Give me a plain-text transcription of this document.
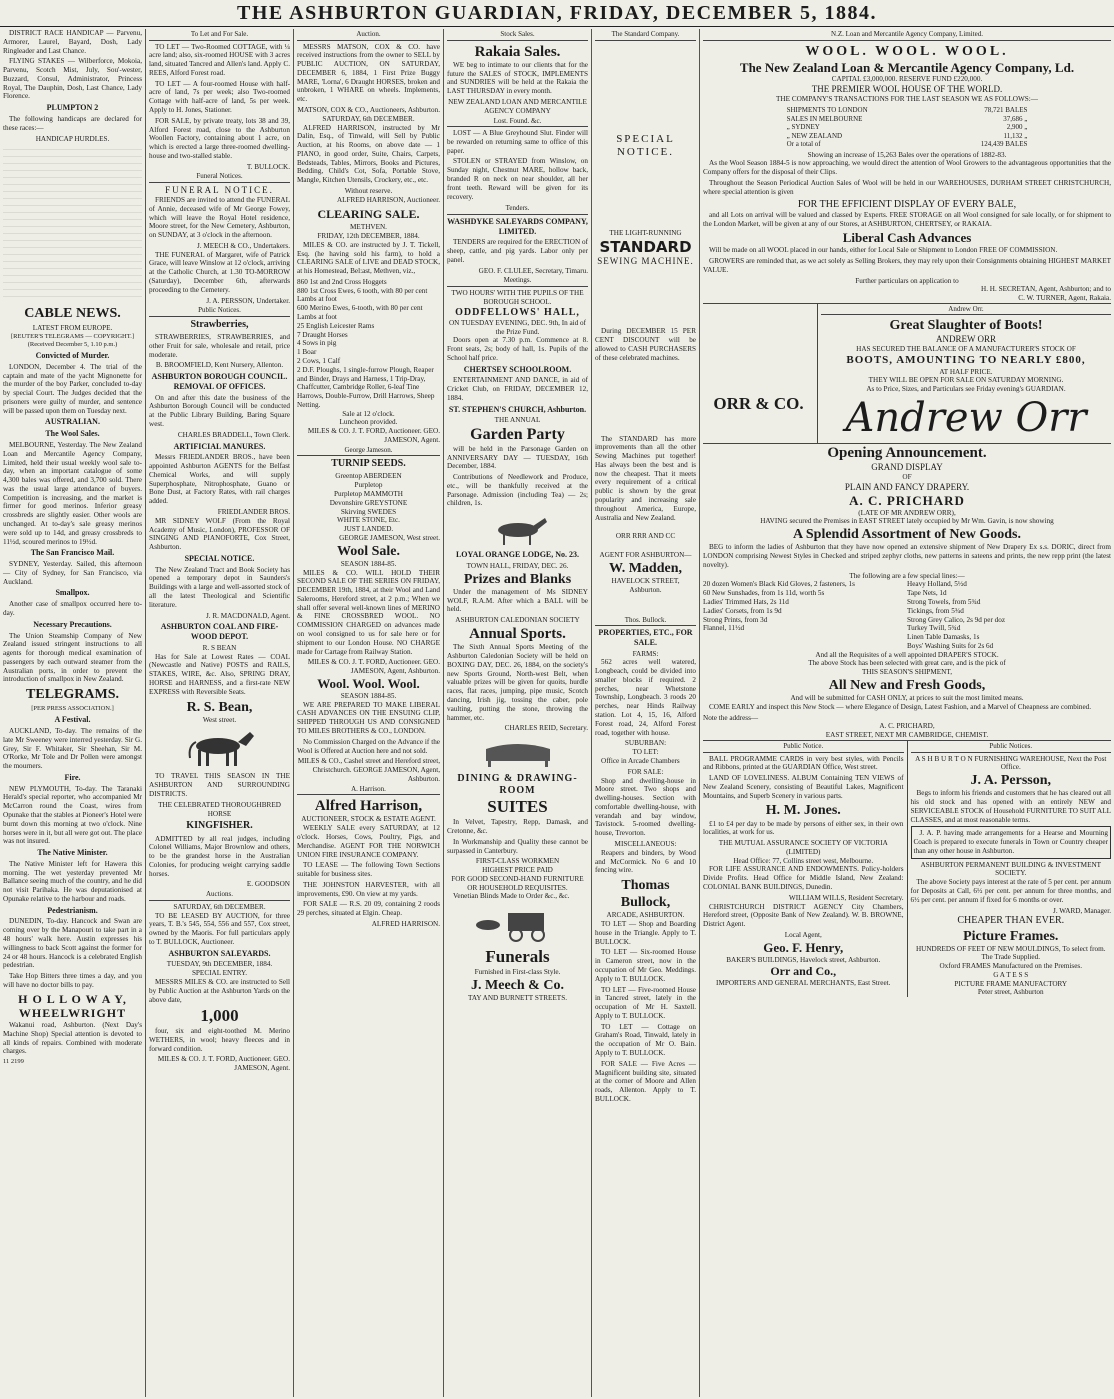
THE ASHBURTON GUARDIAN, FRIDAY, DECEMBER 5, 1884.

DISTRICT RACE HANDICAP — Parvenu, Armorer, Laurel, Bayard, Dosh, Lady Ringleader and Last Chance.

FLYING STAKES — Wilberforce, Mokoia, Parvenu, Scotch Mist, July, Sou'-wester, Buzzard, Consul, Administrator, Princess Royal, The Dauphin, Dosh, Last Chance, Lady Florence.

PLUMPTON 2

The following handicaps are declared for these races:—

HANDICAP HURDLES.
CABLE NEWS.
LATEST FROM EUROPE.
[REUTER'S TELEGRAMS — COPYRIGHT.] (Received December 5, 1.10 p.m.)
Convicted of Murder.

LONDON, December 4. The trial of the captain and mate of the yacht Mignonette for the murder of the boy Parker, concluded to-day by special Court. The Judges decided that the prisoners were guilty of murder, and sentence will be passed upon them on Tuesday next.

AUSTRALIAN.
The Wool Sales.

MELBOURNE, Yesterday. The New Zealand Loan and Mercantile Agency Company, Limited, held their usual weekly wool sale to-day, when an important catalogue of some 4,300 bales was offered, and 3,700 sold. There was the usual large attendance of buyers. Competition is increasing, and the market is firmer for good merinos. Inferior greasy crossbreds are slightly easier. Other wools are unchanged. At to-day's sale greasy merinos were sold up to 14d, and greasy crossbreds to 11½d, scoured merinos to 19½d.

The San Francisco Mail.

SYDNEY, Yesterday. Sailed, this afternoon — City of Sydney, for San Francisco, via Auckland.

Smallpox.

Another case of smallpox occurred here to-day.

Necessary Precautions.

The Union Steamship Company of New Zealand issued stringent instructions to all agents for thorough medical examination of passengers by each outward steamer from the Australian ports, in order to prevent the introduction of smallpox in New Zealand.

TELEGRAMS.
[PER PRESS ASSOCIATION.]
A Festival.

AUCKLAND, To-day. The remains of the late Mr Sweeney were interred yesterday. Sir G. Grey, Sir F. Whitaker, Sir Sheehan, Sir M. O'Rorke, Mr Tole and Dr Pollen were amongst the mourners.

Fire.

NEW PLYMOUTH, To-day. The Taranaki Herald's special reporter, who accompanied Mr McCarron round the Coast, wires from Opunake that the stables at Pioneer's Hotel were burnt down this morning at two o'clock. Nine horses were in it, but all were got out. The place was not insured.

The Native Minister.

The Native Minister left for Hawera this morning. The wet yesterday prevented Mr Ballance seeing much of the country, and he did not visit Parihaka. He was deputationised at Opunake relative to the harbour and roads.

Pedestrianism.

DUNEDIN, To-day. Hancock and Swan are coming over by the Manapouri to take part in a 48 hours' walk here. Austin expresses his willingness to back Scott against the former for 24 or 48 hours. Hancock is a celebrated English pedestrian.

Take Hop Bitters three times a day, and you will have no doctor bills to pay.

H O L L O W A Y, WHEELWRIGHT

Wakanui road, Ashburton. (Next Day's Machine Shop) Special attention is devoted to all kinds of repairs. Combined with moderate charges.

11 2199
To Let and For Sale.

TO LET — Two-Roomed COTTAGE, with ¼ acre land; also, six-roomed HOUSE with 3 acres land, situated Tancred and Allen's land. Apply C. REES, Alford Forest road.

TO LET — A four-roomed House with half-acre of land, 7s per week; also Two-roomed Cottage with half-acre of land, 5s per week. Apply to H. Jones, Stationer.

FOR SALE, by private treaty, lots 38 and 39, Alford Forest road, close to the Ashburton Woollen Factory, containing about 1 acre, on which is erected a large three-roomed dwelling-house and two-stalled stable.

T. BULLOCK.
Funeral Notices.
FUNERAL NOTICE.

FRIENDS are invited to attend the FUNERAL of Annie, deceased wife of Mr George Fowey, which will leave the Royal Hotel residence, Moore street, for the New Cemetery, Ashburton, on SUNDAY, at 3 o'clock in the afternoon.

J. MEECH & CO., Undertakers.

THE FUNERAL of Margaret, wife of Patrick Grace, will leave Winslow at 12 o'clock, arriving at the Catholic Church, at 1.30 TO-MORROW (Saturday), December 6th, afterwards proceeding to the Cemetery.

J. A. PERSSON, Undertaker.
Public Notices.
Strawberries,

STRAWBERRIES, STRAWBERRIES, and other Fruit for sale, wholesale and retail, price moderate.

B. BROOMFIELD, Kent Nursery, Allenton.
ASHBURTON BOROUGH COUNCIL. REMOVAL OF OFFICES.

On and after this date the business of the Ashburton Borough Council will be conducted at the Public Library Building, Baring Square west.

CHARLES BRADDELL, Town Clerk.
ARTIFICIAL MANURES.

Messrs FRIEDLANDER BROS., have been appointed Ashburton AGENTS for the Belfast Chemical Works, and will supply Superphosphate, Nitrophosphate, Guano or Bone Dust, at Factory Rates, with rail charges added.

FRIEDLANDER BROS.

MR SIDNEY WOLF (From the Royal Academy of Music, London), PROFESSOR OF SINGING AND PIANOFORTE, Cox Street, Ashburton.

SPECIAL NOTICE.

The New Zealand Tract and Book Society has opened a temporary depot in Saunders's Buildings with a large and well-assorted stock of all the latest Theological and Scientific literature.

J. R. MACDONALD, Agent.
ASHBURTON COAL AND FIRE-WOOD DEPOT.
R. S BEAN

Has for Sale at Lowest Rates — COAL (Newcastle and Native) POSTS and RAILS, STAKES, WIRE, &c. Also, SPRING DRAY, HORSE and HARNESS, and a first-rate NEW EXPRESS with Reversible Seats.

R. S. Bean,
West street.

TO TRAVEL THIS SEASON IN THE ASHBURTON AND SURROUNDING DISTRICTS.

THE CELEBRATED THOROUGHBRED HORSE
KINGFISHER.

ADMITTED by all real judges, including Colonel Williams, Major Brownlow and others, to be the grandest horse in the Australian Colonies, for producing weight carrying saddle horses.

E. GOODSON
Auctions.
SATURDAY, 6th DECEMBER.

TO BE LEASED BY AUCTION, for three years, T. B.'s 545, 554, 556 and 557, Cox street, owned by the Maoris. For full particulars apply to T. BULLOCK, Auctioneer.

ASHBURTON SALEYARDS.
TUESDAY, 9th DECEMBER, 1884.
SPECIAL ENTRY.

MESSRS MILES & CO. are instructed to Sell by Public Auction at the Ashburton Yards on the above date,

1,000

four, six and eight-toothed M. Merino WETHERS, in wool; heavy fleeces and in forward condition.

MILES & CO. J. T. FORD, Auctioneer. GEO. JAMESON, Agent.
Auction.

MESSRS MATSON, COX & CO. have received instructions from the owner to SELL by PUBLIC AUCTION, ON SATURDAY, DECEMBER 6, 1884, 1 First Prize Buggy MARE, 'Lorna', 6 Draught HORSES, broken and unbroken, 1 WHARE on wheels. Implements, etc.

MATSON, COX & CO., Auctioneers, Ashburton.
SATURDAY, 6th DECEMBER.

ALFRED HARRISON, instructed by Mr Dalin, Esq., of Tinwald, will Sell by Public Auction, at his Rooms, on above date — 1 PIANO, in good order, Suite, Chairs, Carpets, Bedsteads, Tables, Mirrors, Books and Pictures, Bedding, Child's Cot, Sofa, Portable Stove, Mangle, Kitchen Utensils, Crockery, etc., etc.

Without reserve.
ALFRED HARRISON, Auctioneer.
CLEARING SALE.
METHVEN.
FRIDAY, 12th DECEMBER, 1884.

MILES & CO. are instructed by J. T. Tickell, Esq. (he having sold his farm), to hold a CLEARING SALE of LIVE and DEAD STOCK, at his Homestead, Bel:ast, Methven, viz.,

860 1st and 2nd Cross Hoggets
880 1st Cross Ewes, 6 tooth, with 80 per cent Lambs at foot
600 Merino Ewes, 6-tooth, with 80 per cent Lambs at foot
25 English Leicester Rams
7 Draught Horses
4 Sows in pig
1 Boar
2 Cows, 1 Calf
2 D.F. Ploughs, 1 single-furrow Plough, Reaper and Binder, Drays and Harness, 1 Trip-Dray, Chaffcutter, Cambridge Roller, 6-leaf Tine Harrows, Double-Furrow, Drill Harrows, Sheep Netting.
Sale at 12 o'clock.
Luncheon provided.
MILES & CO. J. T. FORD, Auctioneer. GEO. JAMESON, Agent.
George Jameson.
TURNIP SEEDS.
Greentop ABERDEEN
Purpletop
Purpletop MAMMOTH
Devonshire GREYSTONE
Skirving SWEDES
WHITE STONE, Etc.
JUST LANDED.
GEORGE JAMESON, West street.
Wool Sale.
SEASON 1884-85.

MILES & CO. WILL HOLD THEIR SECOND SALE OF THE SERIES ON FRIDAY, DECEMBER 19th, 1884, at their Wool and Land Salerooms, Hereford street, at 2 p.m.; When we shall offer several well-known lines of MERINO & FINE CROSSBRED WOOL. NO COMMISSION CHARGED on advances made on wool consigned to us for sale here or for shipment to our London House. NO CHARGE made for Cartage from Railway Station.

MILES & CO. J. T. FORD, Auctioneer. GEO. JAMESON, Agent, Ashburton.
Wool. Wool. Wool.
SEASON 1884-85.

WE ARE PREPARED TO MAKE LIBERAL CASH ADVANCES ON THE ENSUING CLIP, SHIPPED THROUGH US AND CONSIGNED TO MILES BROTHERS & CO., LONDON.

No Commission Charged on the Advance if the Wool is Offered at Auction here and not sold.

MILES & CO., Cashel street and Hereford street, Christchurch. GEORGE JAMESON, Agent, Ashburton.
A. Harrison.
Alfred Harrison,
AUCTIONEER, STOCK & ESTATE AGENT.

WEEKLY SALE every SATURDAY, at 12 o'clock. Horses, Cows, Poultry, Pigs, and Merchandise. AGENT FOR THE NORWICH UNION FIRE INSURANCE COMPANY.

TO LEASE — The following Town Sections suitable for business sites.

THE JOHNSTON HARVESTER, with all improvements, £90. On view at my yards.

FOR SALE — R.S. 20 09, containing 2 roods 29 perches, situated at Elgin. Cheap.

ALFRED HARRISON.
Stock Sales.
Rakaia Sales.

WE beg to intimate to our clients that for the future the SALES of STOCK, IMPLEMENTS and SUNDRIES will be held at the Rakaia the LAST THURSDAY in every month.

NEW ZEALAND LOAN AND MERCANTILE AGENCY COMPANY
Lost. Found. &c.

LOST — A Blue Greyhound Slut. Finder will be rewarded on returning same to office of this paper.

STOLEN or STRAYED from Winslow, on Sunday night, Chestnut MARE, hollow back, branded R on neck on near shoulder, all her front teeth. Reward will be given for its recovery.

Tenders.
WASHDYKE SALEYARDS COMPANY, LIMITED.

TENDERS are required for the ERECTION of sheep, cattle, and pig yards. Labor only per panel.

GEO. F. CLULEE, Secretary, Timaru.
Meetings.
TWO HOURS' WITH THE PUPILS OF THE BOROUGH SCHOOL.
ODDFELLOWS' HALL,
ON TUESDAY EVENING, DEC. 9th, In aid of the Prize Fund.

Doors open at 7.30 p.m. Commence at 8. Front seats, 2s; body of hall, 1s. Pupils of the School half price.

CHERTSEY SCHOOLROOM.

ENTERTAINMENT AND DANCE, in aid of Cricket Club, on FRIDAY, DECEMBER 12, 1884.

ST. STEPHEN'S CHURCH, Ashburton.
THE ANNUAL
Garden Party

will be held in the Parsonage Garden on ANNIVERSARY DAY — TUESDAY, 16th December, 1884.

Contributions of Needlework and Produce, etc., will be thankfully received at the Parsonage. Admission (including Tea) — 2s; children, 1s.

LOYAL ORANGE LODGE, No. 23.
TOWN HALL, FRIDAY, DEC. 26.
Prizes and Blanks

Under the management of Ms SIDNEY WOLF, R.A.M. After which a BALL will be held.

ASHBURTON CALEDONIAN SOCIETY
Annual Sports.

The Sixth Annual Sports Meeting of the Ashburton Caledonian Society will be held on BOXING DAY, DEC. 26, 1884, on the society's new Sports Ground, North-west Belt, when valuable prizes will be given for quoits, hurdle races, flat races, jumping, pipe music, Scotch dancing, Irish jig, tossing the caber, pole vaulting, putting the stone, throwing the hammer, etc.

CHARLES REID, Secretary.
DINING & DRAWING-ROOM
SUITES

In Velvet, Tapestry, Repp, Damask, and Cretonne, &c.

In Workmanship and Quality these cannot be surpassed in Canterbury.

FIRST-CLASS WORKMEN
HIGHEST PRICE PAID
FOR GOOD SECOND-HAND FURNITURE OR HOUSEHOLD REQUISITES.

Venetian Blinds Made to Order &c., &c.

Funerals
Furnished in First-class Style.
J. Meech & Co.
TAY AND BURNETT STREETS.
The Standard Company.
SPECIAL NOTICE.
THE LIGHT-RUNNING
STANDARD
SEWING MACHINE.

During DECEMBER 15 PER CENT DISCOUNT will be allowed to CASH PURCHASERS of these celebrated machines.

The STANDARD has more improvements than all the other Sewing Machines put together! Has always been the best and is now the cheapest. That it meets every requirement of a critical public is shown by the great popularity and increasing sale throughout America, Europe, Australia and New Zealand.

ORR RRR AND CC
AGENT FOR ASHBURTON—
W. Madden,
HAVELOCK STREET, Ashburton.
Thos. Bullock.
PROPERTIES, ETC., FOR SALE.
FARMS:

562 acres well watered, Longbeach, could be divided into smaller blocks if required. 2 perches, near Whetstone Township, Longbeach. 3 roods 20 perches, near Hinds Railway station. Lot 4, 15, 16, Alford Forest road, 24, Alford Forest road, together with house.

SUBURBAN:
TO LET:

Office in Arcade Chambers

FOR SALE:

Shop and dwelling-house in Moore street. Two shops and dwelling-houses. Section with comfortable dwelling-house, with verandah and bay window, Tavistock. 5-roomed dwelling-house, Trevorton.

MISCELLANEOUS:

Reapers and binders, by Wood and McCormick. No 6 and 10 fencing wire.

Thomas Bullock,
ARCADE, ASHBURTON.

TO LET — Shop and Boarding house in the Triangle. Apply to T. BULLOCK.

TO LET — Six-roomed House in Cameron street, now in the occupation of Mr Geo. Meddings. Apply to T. BULLOCK.

TO LET — Five-roomed House in Tancred street, lately in the occupation of Mr H. Saxtell. Apply to T. BULLOCK.

TO LET — Cottage on Graham's Road, Tinwald, lately in the occupation of Mr O. Bain. Apply to T. BULLOCK.

FOR SALE — Five Acres — Magnificent building site, situated at the corner of Moore and Allen roads, Allenton. Apply to T. BULLOCK.

N.Z. Loan and Mercantile Agency Company, Limited.
WOOL. WOOL. WOOL.
The New Zealand Loan & Mercantile Agency Company, Ld.
CAPITAL £3,000,000. RESERVE FUND £220,000.
THE PREMIER WOOL HOUSE OF THE WORLD.
THE COMPANY'S TRANSACTIONS FOR THE LAST SEASON WE AS FOLLOWS:—
SHIPMENTS TO LONDON	78,721 BALES
SALES IN MELBOURNE	37,686 „
„ SYDNEY	2,900 „
„ NEW ZEALAND	11,132 „
Or a total of	124,439 BALES
Showing an increase of 15,263 Bales over the operations of 1882-83.

As the Wool Season 1884-5 is now approaching, we would direct the attention of Wool Growers to the advantageous opportunities that the Company offers for the disposal of their Clips.

Throughout the Season Periodical Auction Sales of Wool will be held in our WAREHOUSES, DURHAM STREET CHRISTCHURCH, where special attention is given

FOR THE EFFICIENT DISPLAY OF EVERY BALE,

and all Lots on arrival will be valued and classed by Experts. FREE STORAGE on all Wool consigned for sale locally, or for shipment to the London Market, will be given at any of our Stores, at ASHBURTON, CHERTSEY, or RAKAIA.

Liberal Cash Advances

Will be made on all WOOL placed in our hands, either for Local Sale or Shipment to London FREE OF COMMISSION.

GROWERS are reminded that, as we act solely as Selling Brokers, they may rely upon their Consignments obtaining HIGHEST MARKET VALUE.

Further particulars on application to
H. H. SECRETAN, Agent, Ashburton; and to
C. W. TURNER, Agent, Rakaia.
ORR & CO.
Andrew Orr.
Great Slaughter of Boots!
ANDREW ORR
HAS SECURED THE BALANCE OF A MANUFACTURER'S STOCK OF
BOOTS, AMOUNTING TO NEARLY £800,
AT HALF PRICE.
THEY WILL BE OPEN FOR SALE ON SATURDAY MORNING.
As to Price, Sizes, and Particulars see Friday evening's GUARDIAN.
Andrew Orr
Opening Announcement.
GRAND DISPLAY
OF
PLAIN AND FANCY DRAPERY.
A. C. PRICHARD
(LATE OF MR ANDREW ORR),
HAVING secured the Premises in EAST STREET lately occupied by Mr Wm. Gavin, is now showing
A Splendid Assortment of New Goods.

BEG to inform the ladies of Ashburton that they have now opened an extensive shipment of New Drapery Ex s.s. DORIC, direct from LONDON comprising Newest Styles in Checked and striped zephyr cloths, new patterns in sateens and prints, the new repp print (the latest novelty).

The following are a few special lines:—
20 dozen Women's Black Kid Gloves, 2 fasteners, 1s
60 New Sunshades, from 1s 11d, worth 5s
Ladies' Trimmed Hats, 2s 11d
Ladies' Corsets, from 1s 9d
Strong Prints, from 3d
Flannel, 11½d
Heavy Holland, 5½d
Tape Nets, 1d
Strong Towels, from 5¾d
Tickings, from 5¾d
Strong Grey Calico, 2s 9d per doz
Turkey Twill, 5¾d
Linen Table Damasks, 1s
Boys' Washing Suits for 2s 6d
And all the Requisites of a well appointed DRAPER'S STOCK.
The above Stock has been selected with great care, and is the pick of
THIS SEASON'S SHIPMENT,
All New and Fresh Goods,
And will be submitted for CASH ONLY, at prices to suit the most limited means.

COME EARLY and inspect this New Stock — where Elegance of Design, Latest Fashion, and a Marvel of Cheapness are combined.

Note the address—
A. C. PRICHARD,
EAST STREET, NEXT MR CAMBRIDGE, CHEMIST.
Public Notice.

BALL PROGRAMME CARDS in very best styles, with Pencils and Ribbons, printed at the GUARDIAN Office, West street.

LAND OF LOVELINESS. ALBUM Containing TEN VIEWS of New Zealand Scenery, consisting of Beautiful Lakes, Magnificent Mountains, and Superb Scenery in various parts.

H. M. Jones.

£1 to £4 per day to be made by persons of either sex, in their own localities, at work for us.

THE MUTUAL ASSURANCE SOCIETY OF VICTORIA (LIMITED)
Head Office: 77, Collins street west, Melbourne.

FOR LIFE ASSURANCE AND ENDOWMENTS. Policy-holders Divide Profits. Head Office for Middle Island, New Zealand: COLONIAL BANK BUILDINGS, Dunedin.

WILLIAM WILLS, Resident Secretary.

CHRISTCHURCH DISTRICT AGENCY City Chambers, Hereford street, (Opposite Bank of New Zealand). W. B. BROWNE, District Agent.

Local Agent,
Geo. F. Henry,
BAKER'S BUILDINGS, Havelock street, Ashburton.
Orr and Co.,
IMPORTERS AND GENERAL MERCHANTS, East Street.
Public Notices.
A S H B U R T O N FURNISHING WAREHOUSE, Next the Post Office.
J. A. Persson,

Begs to inform his friends and customers that he has cleared out all his old stock and has opened with an entirely NEW and SERVICEABLE STOCK of Household FURNITURE TO SUIT ALL CLASSES, and at most reasonable terms.

J. A. P. having made arrangements for a Hearse and Mourning Coach is prepared to execute funerals in Town or Country cheaper than any other house in Ashburton.

ASHBURTON PERMANENT BUILDING & INVESTMENT SOCIETY.

The above Society pays interest at the rate of 5 per cent. per annum for Deposits at Call, 6½ per cent. per annum for three months, and 6½ per cent. per annum if fixed for 6 months or over.

J. WARD, Manager.
CHEAPER THAN EVER.
Picture Frames.
HUNDREDS OF FEET OF NEW MOULDINGS, To select from.
The Trade Supplied.
Oxford FRAMES Manufactured on the Premises.
G A T E S S
PICTURE FRAME MANUFACTORY
Peter street, Ashburton
